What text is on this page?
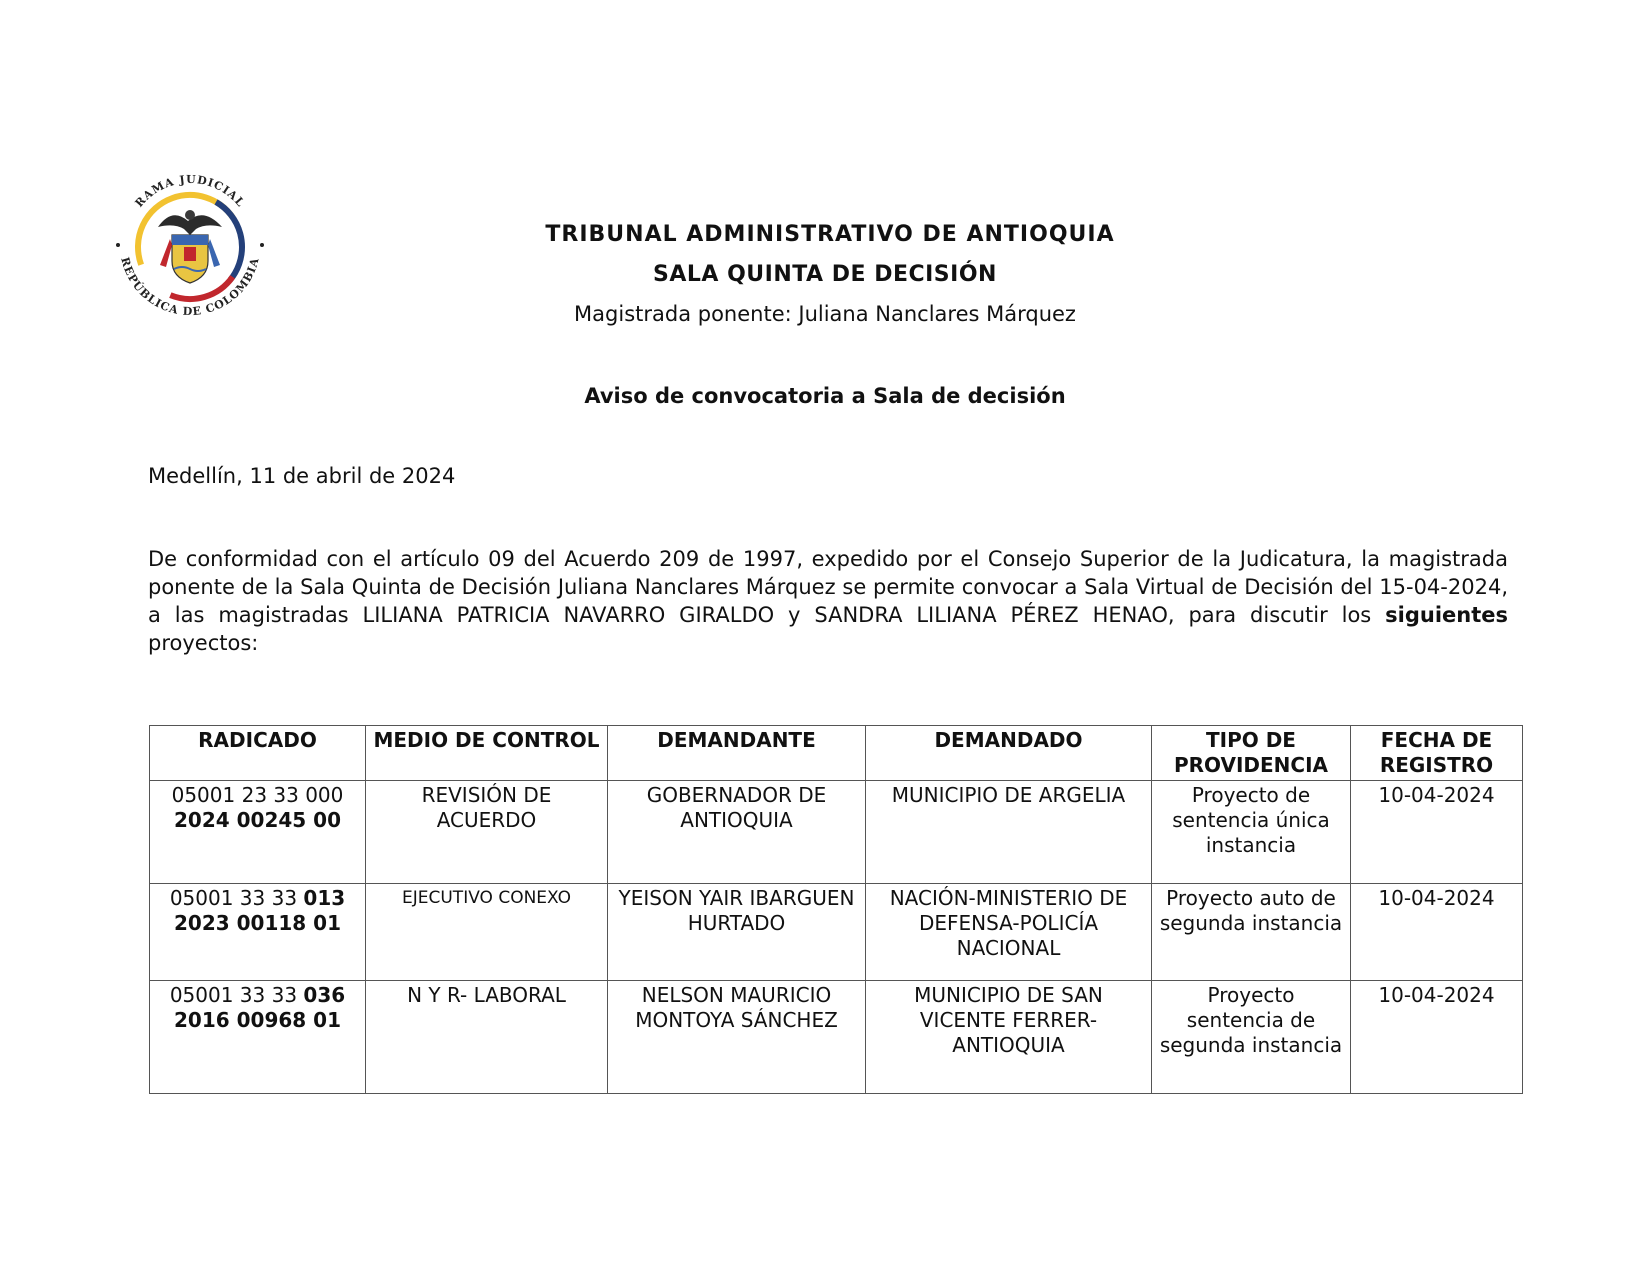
RAMA JUDICIAL
REPÚBLICA DE COLOMBIA
TRIBUNAL ADMINISTRATIVO DE ANTIOQUIA
SALA QUINTA DE DECISIÓN
Magistrada ponente: Juliana Nanclares Márquez
Aviso de convocatoria a Sala de decisión
Medellín, 11 de abril de 2024
De conformidad con el artículo 09 del Acuerdo 209 de 1997, expedido por el Consejo Superior de la Judicatura, la magistrada ponente de la Sala Quinta de Decisión Juliana Nanclares Márquez se permite convocar a Sala Virtual de Decisión del 15-04-2024, a las magistradas LILIANA PATRICIA NAVARRO GIRALDO y SANDRA LILIANA PÉREZ HENAO, para discutir los siguientes proyectos:
RADICADO	MEDIO DE CONTROL	DEMANDANTE	DEMANDADO	TIPO DE PROVIDENCIA	FECHA DE REGISTRO
05001 23 33 000
2024 00245 00	REVISIÓN DE ACUERDO	GOBERNADOR DE ANTIOQUIA	MUNICIPIO DE ARGELIA	Proyecto de sentencia única instancia	10-04-2024
05001 33 33 013
2023 00118 01	EJECUTIVO CONEXO	YEISON YAIR IBARGUEN HURTADO	NACIÓN-MINISTERIO DE DEFENSA-POLICÍA NACIONAL	Proyecto auto de segunda instancia	10-04-2024
05001 33 33 036
2016 00968 01	N Y R- LABORAL	NELSON MAURICIO MONTOYA SÁNCHEZ	MUNICIPIO DE SAN VICENTE FERRER-ANTIOQUIA	Proyecto sentencia de segunda instancia	10-04-2024
